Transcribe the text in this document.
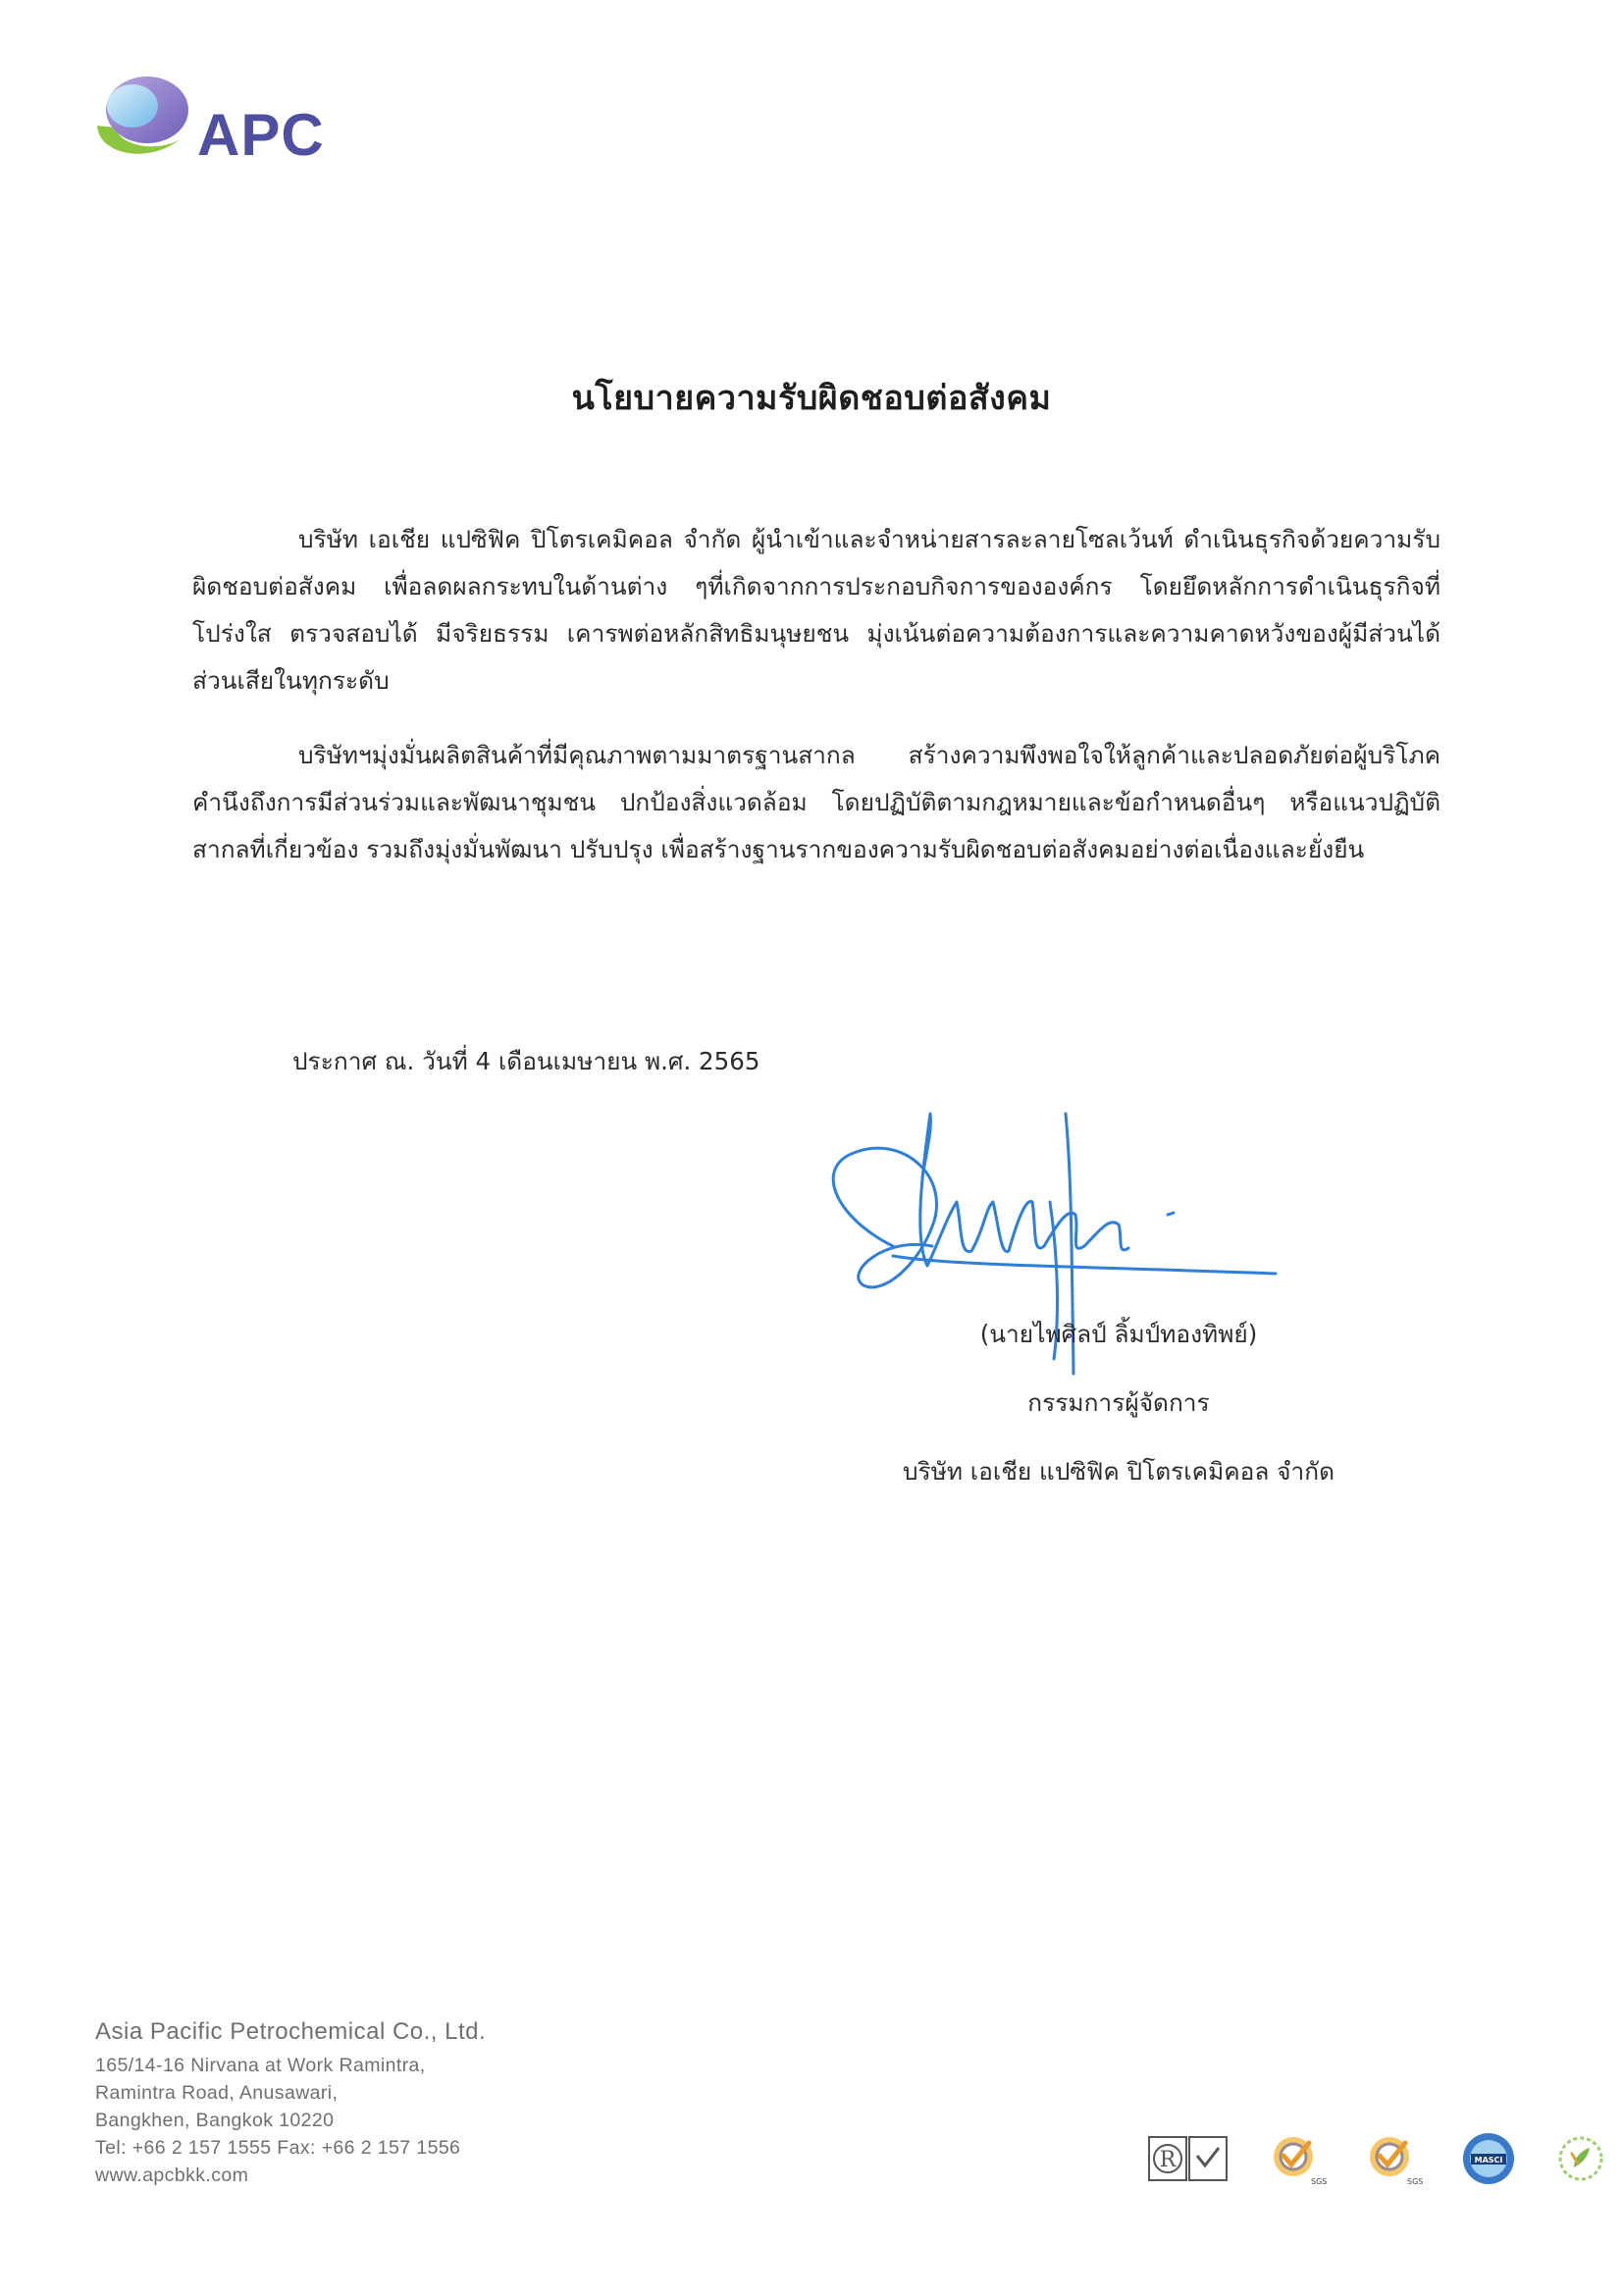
APC
นโยบายความรับผิดชอบต่อสังคม

บริษัท เอเชีย แปซิฟิค ปิโตรเคมิคอล จำกัด ผู้นำเข้าและจำหน่ายสารละลายโซลเว้นท์ ดำเนินธุรกิจด้วยความรับผิดชอบต่อสังคม เพื่อลดผลกระทบในด้านต่าง ๆที่เกิดจากการประกอบกิจการขององค์กร โดยยึดหลักการดำเนินธุรกิจที่โปร่งใส ตรวจสอบได้ มีจริยธรรม เคารพต่อหลักสิทธิมนุษยชน มุ่งเน้นต่อความต้องการและความคาดหวังของผู้มีส่วนได้ส่วนเสียในทุกระดับ

บริษัทฯมุ่งมั่นผลิตสินค้าที่มีคุณภาพตามมาตรฐานสากล สร้างความพึงพอใจให้ลูกค้าและปลอดภัยต่อผู้บริโภค คำนึงถึงการมีส่วนร่วมและพัฒนาชุมชน ปกป้องสิ่งแวดล้อม โดยปฏิบัติตามกฎหมายและข้อกำหนดอื่นๆ หรือแนวปฏิบัติสากลที่เกี่ยวข้อง รวมถึงมุ่งมั่นพัฒนา ปรับปรุง เพื่อสร้างฐานรากของความรับผิดชอบต่อสังคมอย่างต่อเนื่องและยั่งยืน

ประกาศ ณ. วันที่ 4 เดือนเมษายน พ.ศ. 2565
(นายไพศิลป์ ลิ้มป์ทองทิพย์)
กรรมการผู้จัดการ
บริษัท เอเชีย แปซิฟิค ปิโตรเคมิคอล จำกัด
Asia Pacific Petrochemical Co., Ltd.
165/14-16 Nirvana at Work Ramintra,
Ramintra Road, Anusawari,
Bangkhen, Bangkok 10220
Tel: +66 2 157 1555 Fax: +66 2 157 1556
www.apcbkk.com
R
SGS	SGS
MASCI
